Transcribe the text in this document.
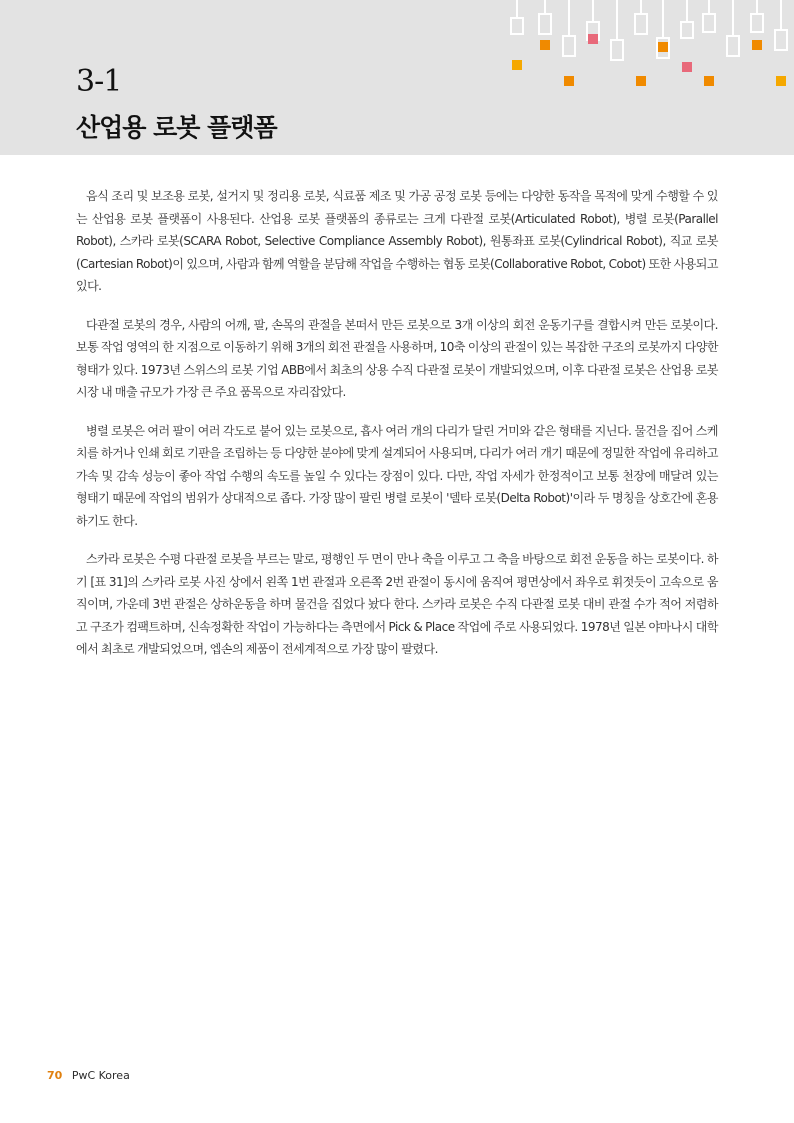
3-1
산업용 로봇 플랫폼

음식 조리 및 보조용 로봇, 설거지 및 정리용 로봇, 식료품 제조 및 가공 공정 로봇 등에는 다양한 동작을 목적에 맞게 수행할 수 있는 산업용 로봇 플랫폼이 사용된다. 산업용 로봇 플랫폼의 종류로는 크게 다관절 로봇(Articulated Robot), 병렬 로봇(Parallel Robot), 스카라 로봇(SCARA Robot, Selective Compliance Assembly Robot), 원통좌표 로봇(Cylindrical Robot), 직교 로봇(Cartesian Robot)이 있으며, 사람과 함께 역할을 분담해 작업을 수행하는 협동 로봇(Collaborative Robot, Cobot) 또한 사용되고 있다.

다관절 로봇의 경우, 사람의 어깨, 팔, 손목의 관절을 본떠서 만든 로봇으로 3개 이상의 회전 운동기구를 결합시켜 만든 로봇이다. 보통 작업 영역의 한 지점으로 이동하기 위해 3개의 회전 관절을 사용하며, 10축 이상의 관절이 있는 복잡한 구조의 로봇까지 다양한 형태가 있다. 1973년 스위스의 로봇 기업 ABB에서 최초의 상용 수직 다관절 로봇이 개발되었으며, 이후 다관절 로봇은 산업용 로봇 시장 내 매출 규모가 가장 큰 주요 품목으로 자리잡았다.

병렬 로봇은 여러 팔이 여러 각도로 붙어 있는 로봇으로, 흡사 여러 개의 다리가 달린 거미와 같은 형태를 지닌다. 물건을 집어 스케치를 하거나 인쇄 회로 기판을 조립하는 등 다양한 분야에 맞게 설계되어 사용되며, 다리가 여러 개기 때문에 정밀한 작업에 유리하고 가속 및 감속 성능이 좋아 작업 수행의 속도를 높일 수 있다는 장점이 있다. 다만, 작업 자세가 한정적이고 보통 천장에 매달려 있는 형태기 때문에 작업의 범위가 상대적으로 좁다. 가장 많이 팔린 병렬 로봇이 '델타 로봇(Delta Robot)'이라 두 명칭을 상호간에 혼용하기도 한다.

스카라 로봇은 수평 다관절 로봇을 부르는 말로, 평행인 두 면이 만나 축을 이루고 그 축을 바탕으로 회전 운동을 하는 로봇이다. 하기 [표 31]의 스카라 로봇 사진 상에서 왼쪽 1번 관절과 오른쪽 2번 관절이 동시에 움직여 평면상에서 좌우로 휘젓듯이 고속으로 움직이며, 가운데 3번 관절은 상하운동을 하며 물건을 집었다 놨다 한다. 스카라 로봇은 수직 다관절 로봇 대비 관절 수가 적어 저렴하고 구조가 컴팩트하며, 신속정확한 작업이 가능하다는 측면에서 Pick & Place 작업에 주로 사용되었다. 1978년 일본 야마나시 대학에서 최초로 개발되었으며, 엡손의 제품이 전세계적으로 가장 많이 팔렸다.

70 PwC Korea
